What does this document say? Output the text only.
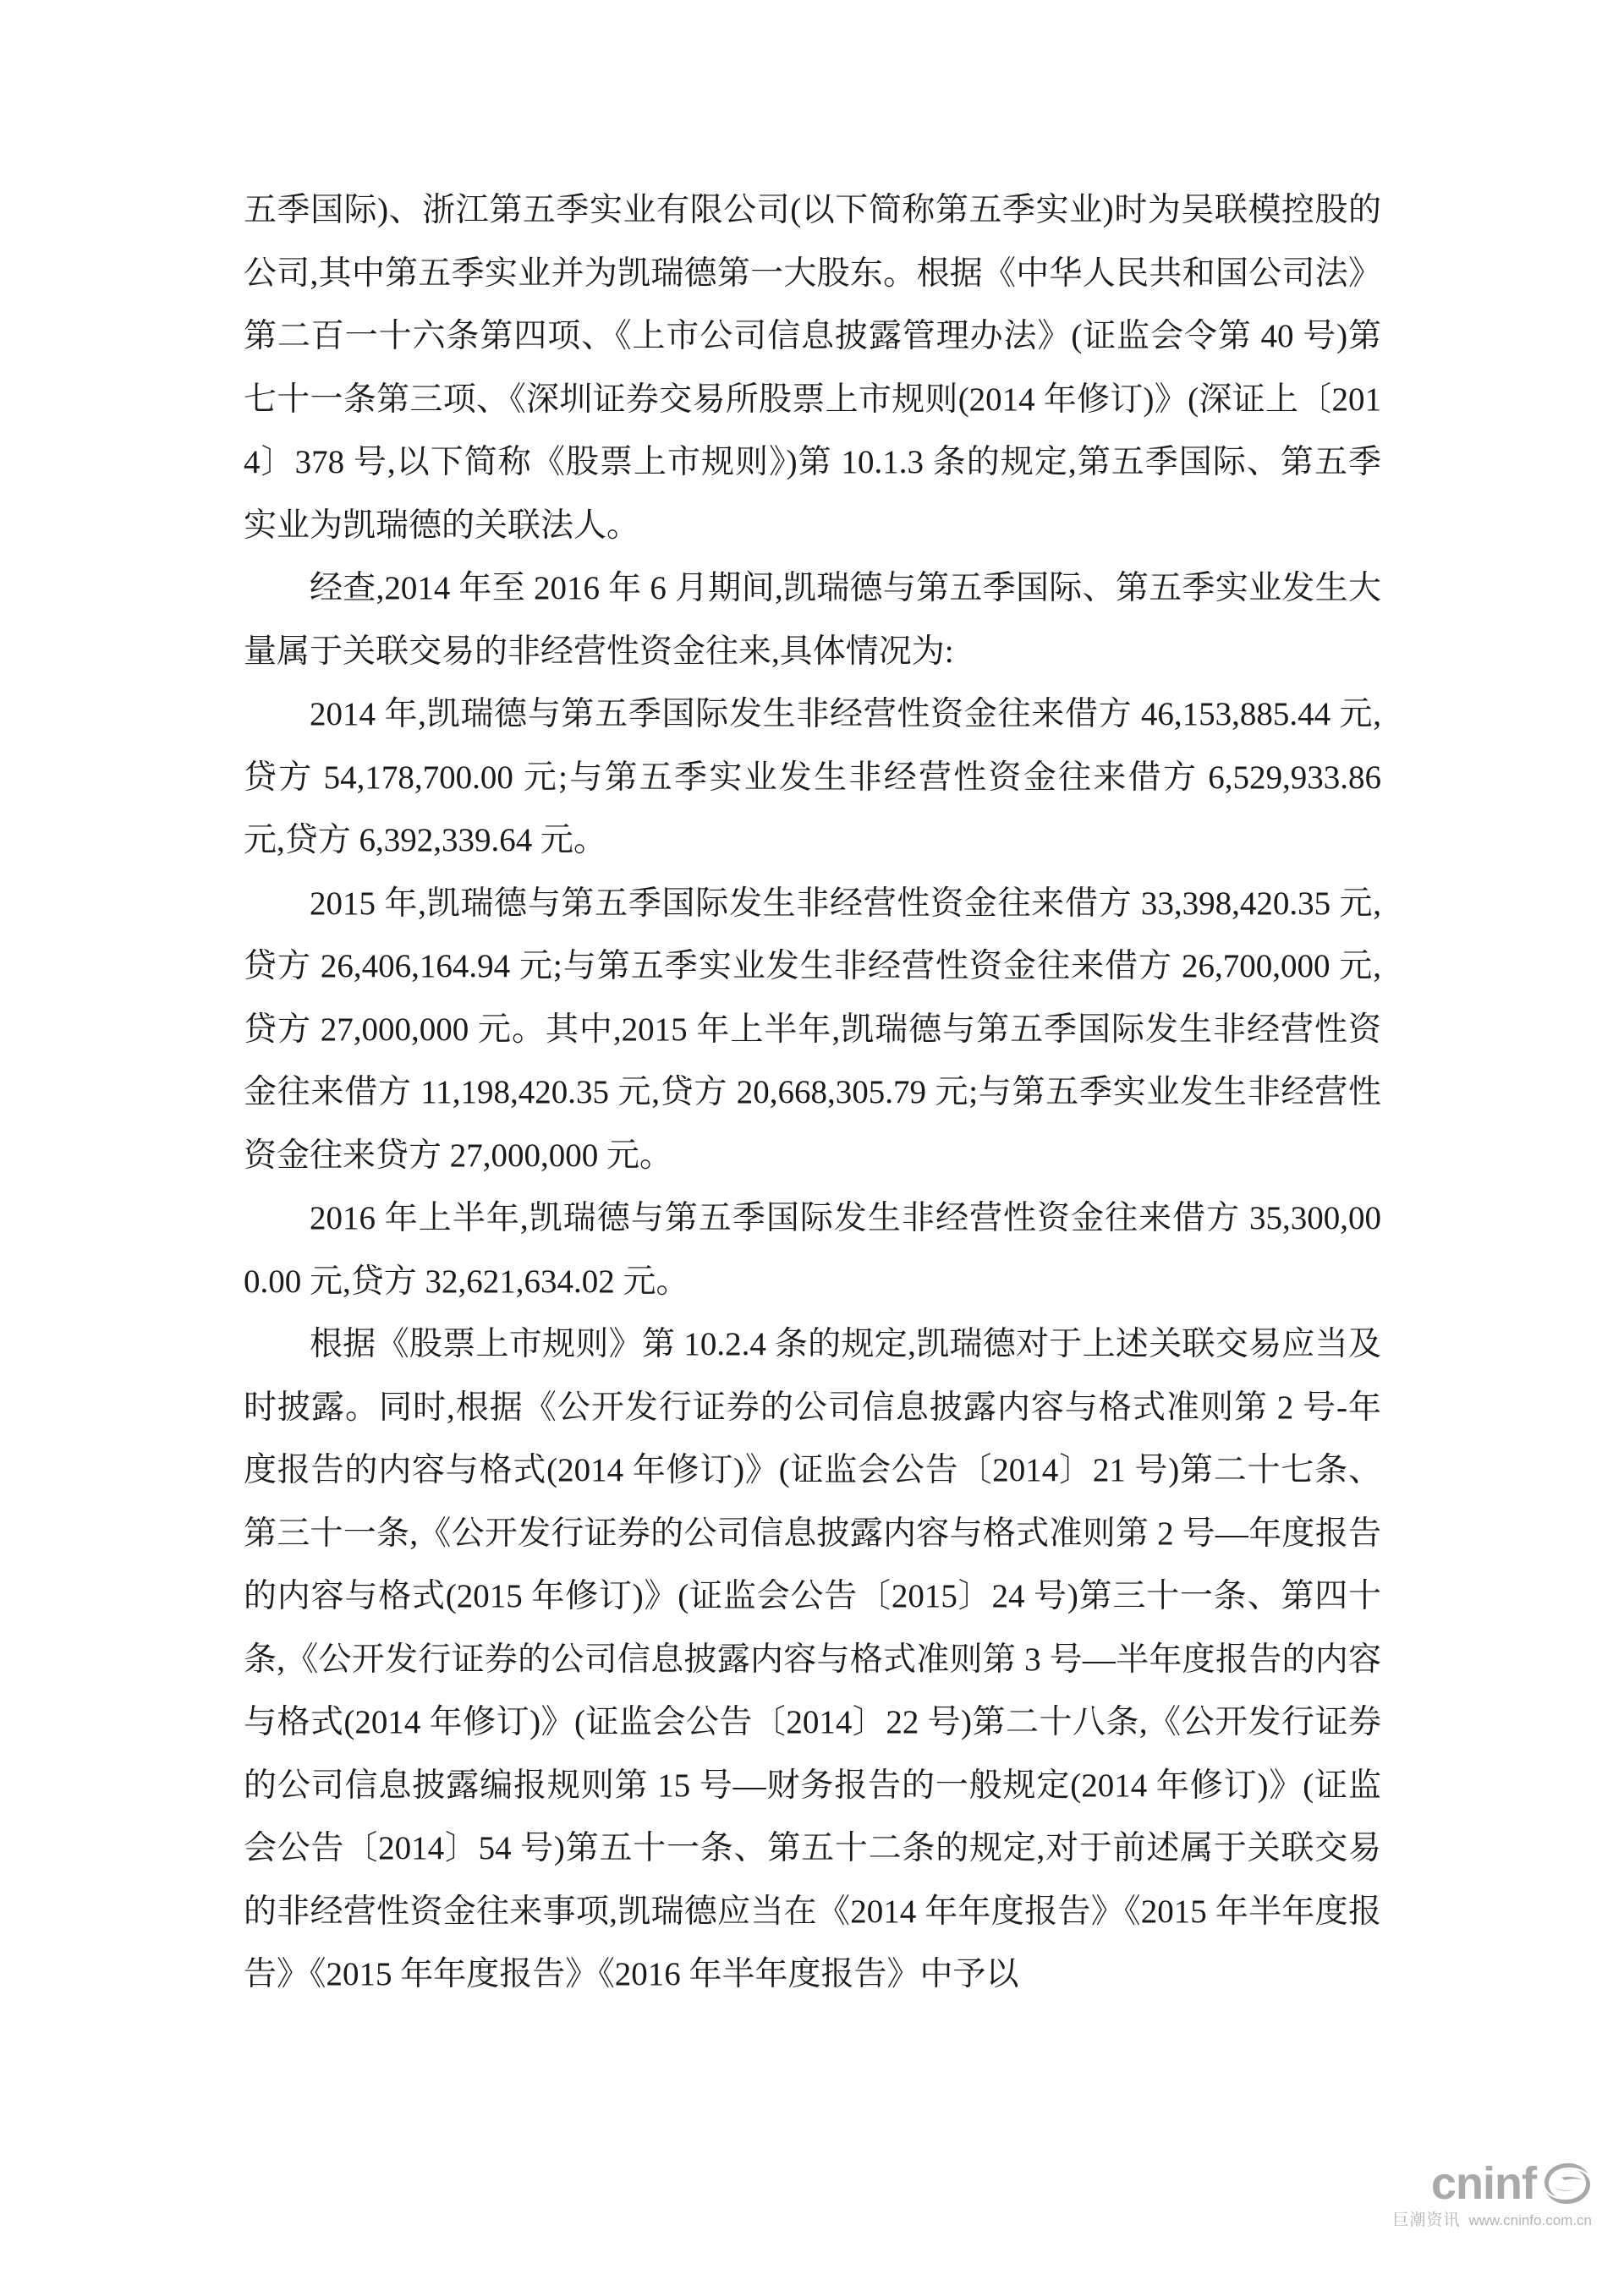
五季国际)、浙江第五季实业有限公司(以下简称第五季实业)时为吴联模控股的公司,其中第五季实业并为凯瑞德第一大股东。根据《中华人民共和国公司法》第二百一十六条第四项、《上市公司信息披露管理办法》(证监会令第 40 号)第七十一条第三项、《深圳证券交易所股票上市规则(2014 年修订)》(深证上〔2014〕378 号,以下简称《股票上市规则》)第 10.1.3 条的规定,第五季国际、第五季实业为凯瑞德的关联法人。

经查,2014 年至 2016 年 6 月期间,凯瑞德与第五季国际、第五季实业发生大量属于关联交易的非经营性资金往来,具体情况为:

2014 年,凯瑞德与第五季国际发生非经营性资金往来借方 46,153,885.44 元,贷方 54,178,700.00 元;与第五季实业发生非经营性资金往来借方 6,529,933.86 元,贷方 6,392,339.64 元。

2015 年,凯瑞德与第五季国际发生非经营性资金往来借方 33,398,420.35 元,贷方 26,406,164.94 元;与第五季实业发生非经营性资金往来借方 26,700,000 元,贷方 27,000,000 元。其中,2015 年上半年,凯瑞德与第五季国际发生非经营性资金往来借方 11,198,420.35 元,贷方 20,668,305.79 元;与第五季实业发生非经营性资金往来贷方 27,000,000 元。

2016 年上半年,凯瑞德与第五季国际发生非经营性资金往来借方 35,300,000.00 元,贷方 32,621,634.02 元。

根据《股票上市规则》第 10.2.4 条的规定,凯瑞德对于上述关联交易应当及时披露。同时,根据《公开发行证券的公司信息披露内容与格式准则第 2 号-年度报告的内容与格式(2014 年修订)》(证监会公告〔2014〕21 号)第二十七条、第三十一条,《公开发行证券的公司信息披露内容与格式准则第 2 号—年度报告的内容与格式(2015 年修订)》(证监会公告〔2015〕24 号)第三十一条、第四十条,《公开发行证券的公司信息披露内容与格式准则第 3 号—半年度报告的内容与格式(2014 年修订)》(证监会公告〔2014〕22 号)第二十八条,《公开发行证券的公司信息披露编报规则第 15 号—财务报告的一般规定(2014 年修订)》(证监会公告〔2014〕54 号)第五十一条、第五十二条的规定,对于前述属于关联交易的非经营性资金往来事项,凯瑞德应当在《2014 年年度报告》《2015 年半年度报告》《2015 年年度报告》《2016 年半年度报告》中予以

cninf
巨潮资讯 www.cninfo.com.cn
